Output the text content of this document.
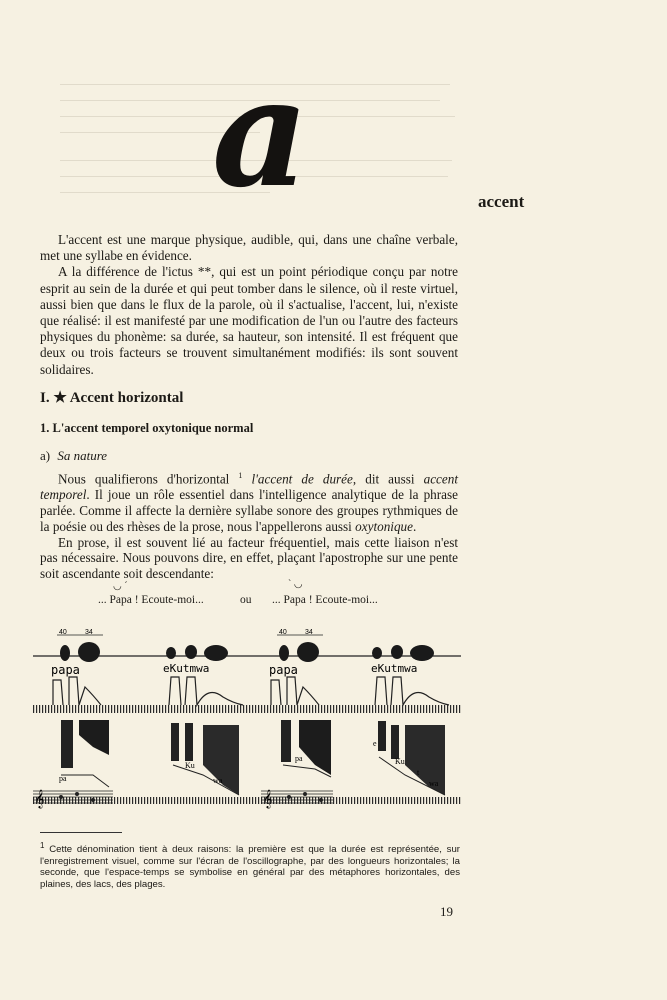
a	accent

L'accent est une marque physique, audible, qui, dans une chaîne verbale, met une syllabe en évidence.

A la différence de l'ictus **, qui est un point périodique conçu par notre esprit au sein de la durée et qui peut tomber dans le silence, où il reste virtuel, aussi bien que dans le flux de la parole, où il s'actualise, l'accent, lui, n'existe que réalisé: il est manifesté par une modification de l'un ou l'autre des facteurs physiques du phonème: sa durée, sa hauteur, son intensité. Il est fréquent que deux ou trois facteurs se trouvent simultanément modifiés: ils sont souvent solidaires.

I. ★ Accent horizontal
1. L'accent temporel oxytonique normal
a) Sa nature

Nous qualifierons d'horizontal $^1$ l'accent de durée, dit aussi accent temporel. Il joue un rôle essentiel dans l'intelligence analytique de la phrase parlée. Comme il affecte la dernière syllabe sonore des groupes rythmiques de la poésie ou des rhèses de la prose, nous l'appellerons aussi oxytonique.

En prose, il est souvent lié au facteur fréquentiel, mais cette liaison n'est pas nécessaire. Nous pouvons dire, en effet, plaçant l'apostrophe sur une pente soit ascendante soit descendante:

◡ ˊ
... Papa ! Ecoute-moi...	ou
ˋ ◡
... Papa ! Ecoute-moi...
40	34	40	34
papa	eKutmwa	papa	eKutmwa
pa
pa
Ku
wa
e
Ku
t
wa
𝄞	𝄞
$^1$ Cette dénomination tient à deux raisons: la première est que la durée est représentée, sur l'enregistrement visuel, comme sur l'écran de l'oscillographe, par des longueurs horizontales; la seconde, que l'espace-temps se symbolise en général par des métaphores horizontales, des plaines, des lacs, des plages.
19
